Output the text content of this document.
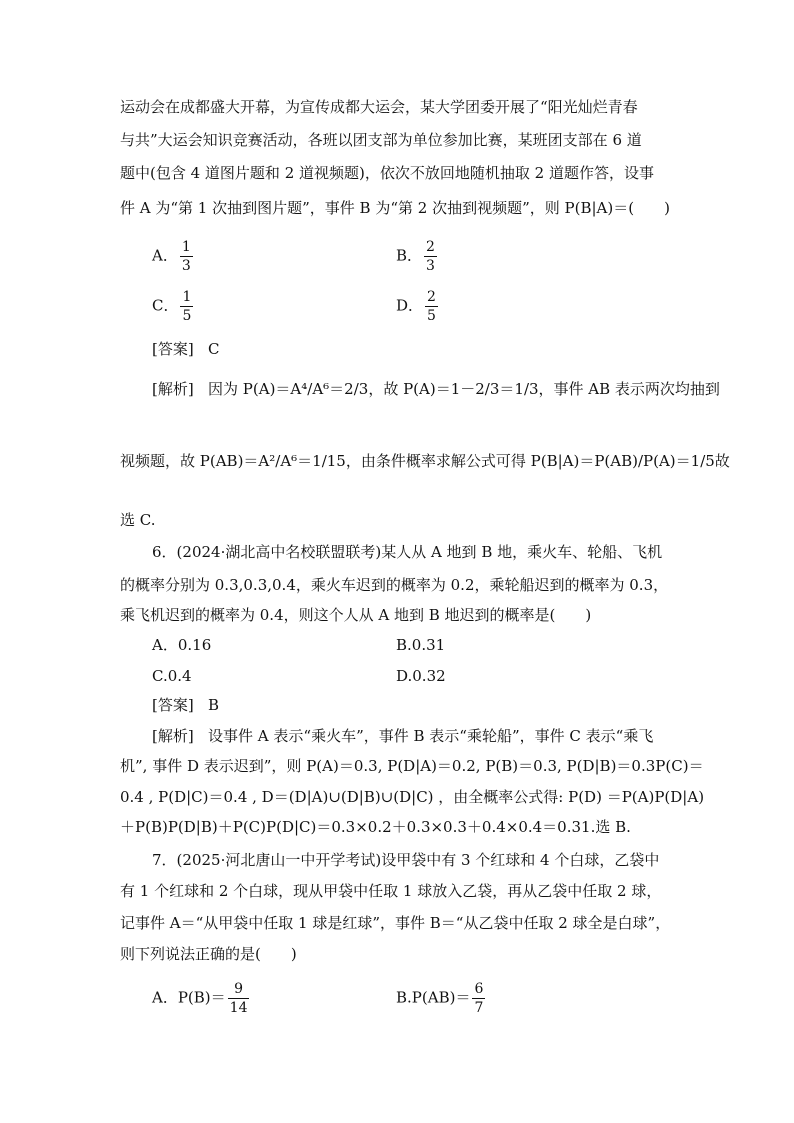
运动会在成都盛大开幕，为宣传成都大运会，某大学团委开展了“阳光灿烂青春
与共”大运会知识竞赛活动，各班以团支部为单位参加比赛，某班团支部在 6 道
题中(包含 4 道图片题和 2 道视频题)，依次不放回地随机抽取 2 道题作答，设事
件 A 为“第 1 次抽到图片题”，事件 B 为“第 2 次抽到视频题”，则 P(B|A)＝(　　)
A． $\frac{1}{3}$	B． $\frac{2}{3}$
C． $\frac{1}{5}$	D． $\frac{2}{5}$
[答案] C
[解析] 因为 P(A)＝A⁴/A⁶＝2/3，故 P(A)＝1－2/3＝1/3，事件 AB 表示两次均抽到
视频题，故 P(AB)＝A²/A⁶＝1/15，由条件概率求解公式可得 P(B|A)＝P(AB)/P(A)＝1/5故
选 C.
6．(2024·湖北高中名校联盟联考)某人从 A 地到 B 地，乘火车、轮船、飞机
的概率分别为 0.3,0.3,0.4，乘火车迟到的概率为 0.2，乘轮船迟到的概率为 0.3，
乘飞机迟到的概率为 0.4，则这个人从 A 地到 B 地迟到的概率是(　　)
A．0.16	B.0.31
C.0.4	D.0.32
[答案] B
[解析] 设事件 A 表示“乘火车”，事件 B 表示“乘轮船”，事件 C 表示“乘飞
机”, 事件 D 表示迟到”，则 P(A)＝0.3, P(D|A)＝0.2, P(B)＝0.3, P(D|B)＝0.3P(C)＝
0.4 , P(D|C)＝0.4 , D＝(D|A)∪(D|B)∪(D|C) ，由全概率公式得: P(D) ＝P(A)P(D|A)
＋P(B)P(D|B)＋P(C)P(D|C)＝0.3×0.2＋0.3×0.3＋0.4×0.4＝0.31.选 B.
7．(2025·河北唐山一中开学考试)设甲袋中有 3 个红球和 4 个白球，乙袋中
有 1 个红球和 2 个白球，现从甲袋中任取 1 球放入乙袋，再从乙袋中任取 2 球，
记事件 A＝“从甲袋中任取 1 球是红球”，事件 B＝“从乙袋中任取 2 球全是白球”，
则下列说法正确的是(　　)
A．$P(B)= \frac{9}{14}$	$B.P(AB)= \frac{6}{7}$
